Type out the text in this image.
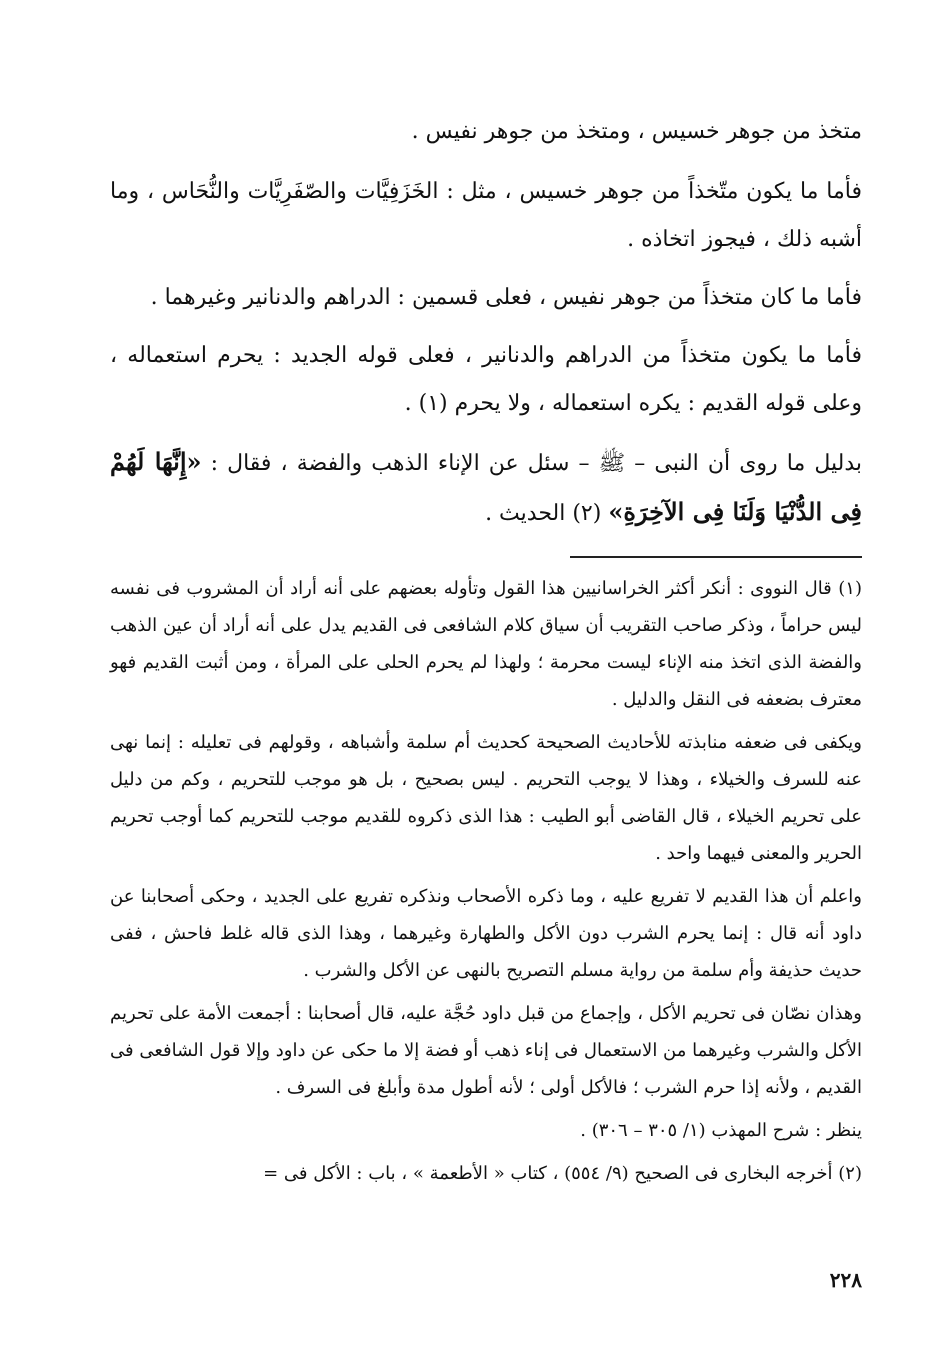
متخذ من جوهر خسيس ، ومتخذ من جوهر نفيس .

فأما ما يكون متّخذاً من جوهر خسيس ، مثل : الخَزَفِيَّات والصّفَرِيَّات والنُّحَاس ، وما أشبه ذلك ، فيجوز اتخاذه .

فأما ما كان متخذاً من جوهر نفيس ، فعلى قسمين : الدراهم والدنانير وغيرهما .

فأما ما يكون متخذاً من الدراهم والدنانير ، فعلى قوله الجديد : يحرم استعماله ، وعلى قوله القديم : يكره استعماله ، ولا يحرم (١) .

بدليل ما روى أن النبى – ﷺ – سئل عن الإناء الذهب والفضة ، فقال : «إِنَّهَا لَهُمْ فِى الدُّنْيَا وَلَنَا فِى الآخِرَةِ» (٢) الحديث .

(١) قال النووى : أنكر أكثر الخراسانيين هذا القول وتأوله بعضهم على أنه أراد أن المشروب فى نفسه ليس حراماً ، وذكر صاحب التقريب أن سياق كلام الشافعى فى القديم يدل على أنه أراد أن عين الذهب والفضة الذى اتخذ منه الإناء ليست محرمة ؛ ولهذا لم يحرم الحلى على المرأة ، ومن أثبت القديم فهو معترف بضعفه فى النقل والدليل .

ويكفى فى ضعفه منابذته للأحاديث الصحيحة كحديث أم سلمة وأشباهه ، وقولهم فى تعليله : إنما نهى عنه للسرف والخيلاء ، وهذا لا يوجب التحريم . ليس بصحيح ، بل هو موجب للتحريم ، وكم من دليل على تحريم الخيلاء ، قال القاضى أبو الطيب : هذا الذى ذكروه للقديم موجب للتحريم كما أوجب تحريم الحرير والمعنى فيهما واحد .

واعلم أن هذا القديم لا تفريع عليه ، وما ذكره الأصحاب ونذكره تفريع على الجديد ، وحكى أصحابنا عن داود أنه قال : إنما يحرم الشرب دون الأكل والطهارة وغيرهما ، وهذا الذى قاله غلط فاحش ، ففى حديث حذيفة وأم سلمة من رواية مسلم التصريح بالنهى عن الأكل والشرب .

وهذان نصّان فى تحريم الأكل ، وإجماع من قبل داود حُجَّة عليه، قال أصحابنا : أجمعت الأمة على تحريم الأكل والشرب وغيرهما من الاستعمال فى إناء ذهب أو فضة إلا ما حكى عن داود وإلا قول الشافعى فى القديم ، ولأنه إذا حرم الشرب ؛ فالأكل أولى ؛ لأنه أطول مدة وأبلغ فى السرف .

ينظر : شرح المهذب (١/ ٣٠٥ – ٣٠٦) .

(٢) أخرجه البخارى فى الصحيح (٩/ ٥٥٤) ، كتاب « الأطعمة » ، باب : الأكل فى =

٢٢٨
